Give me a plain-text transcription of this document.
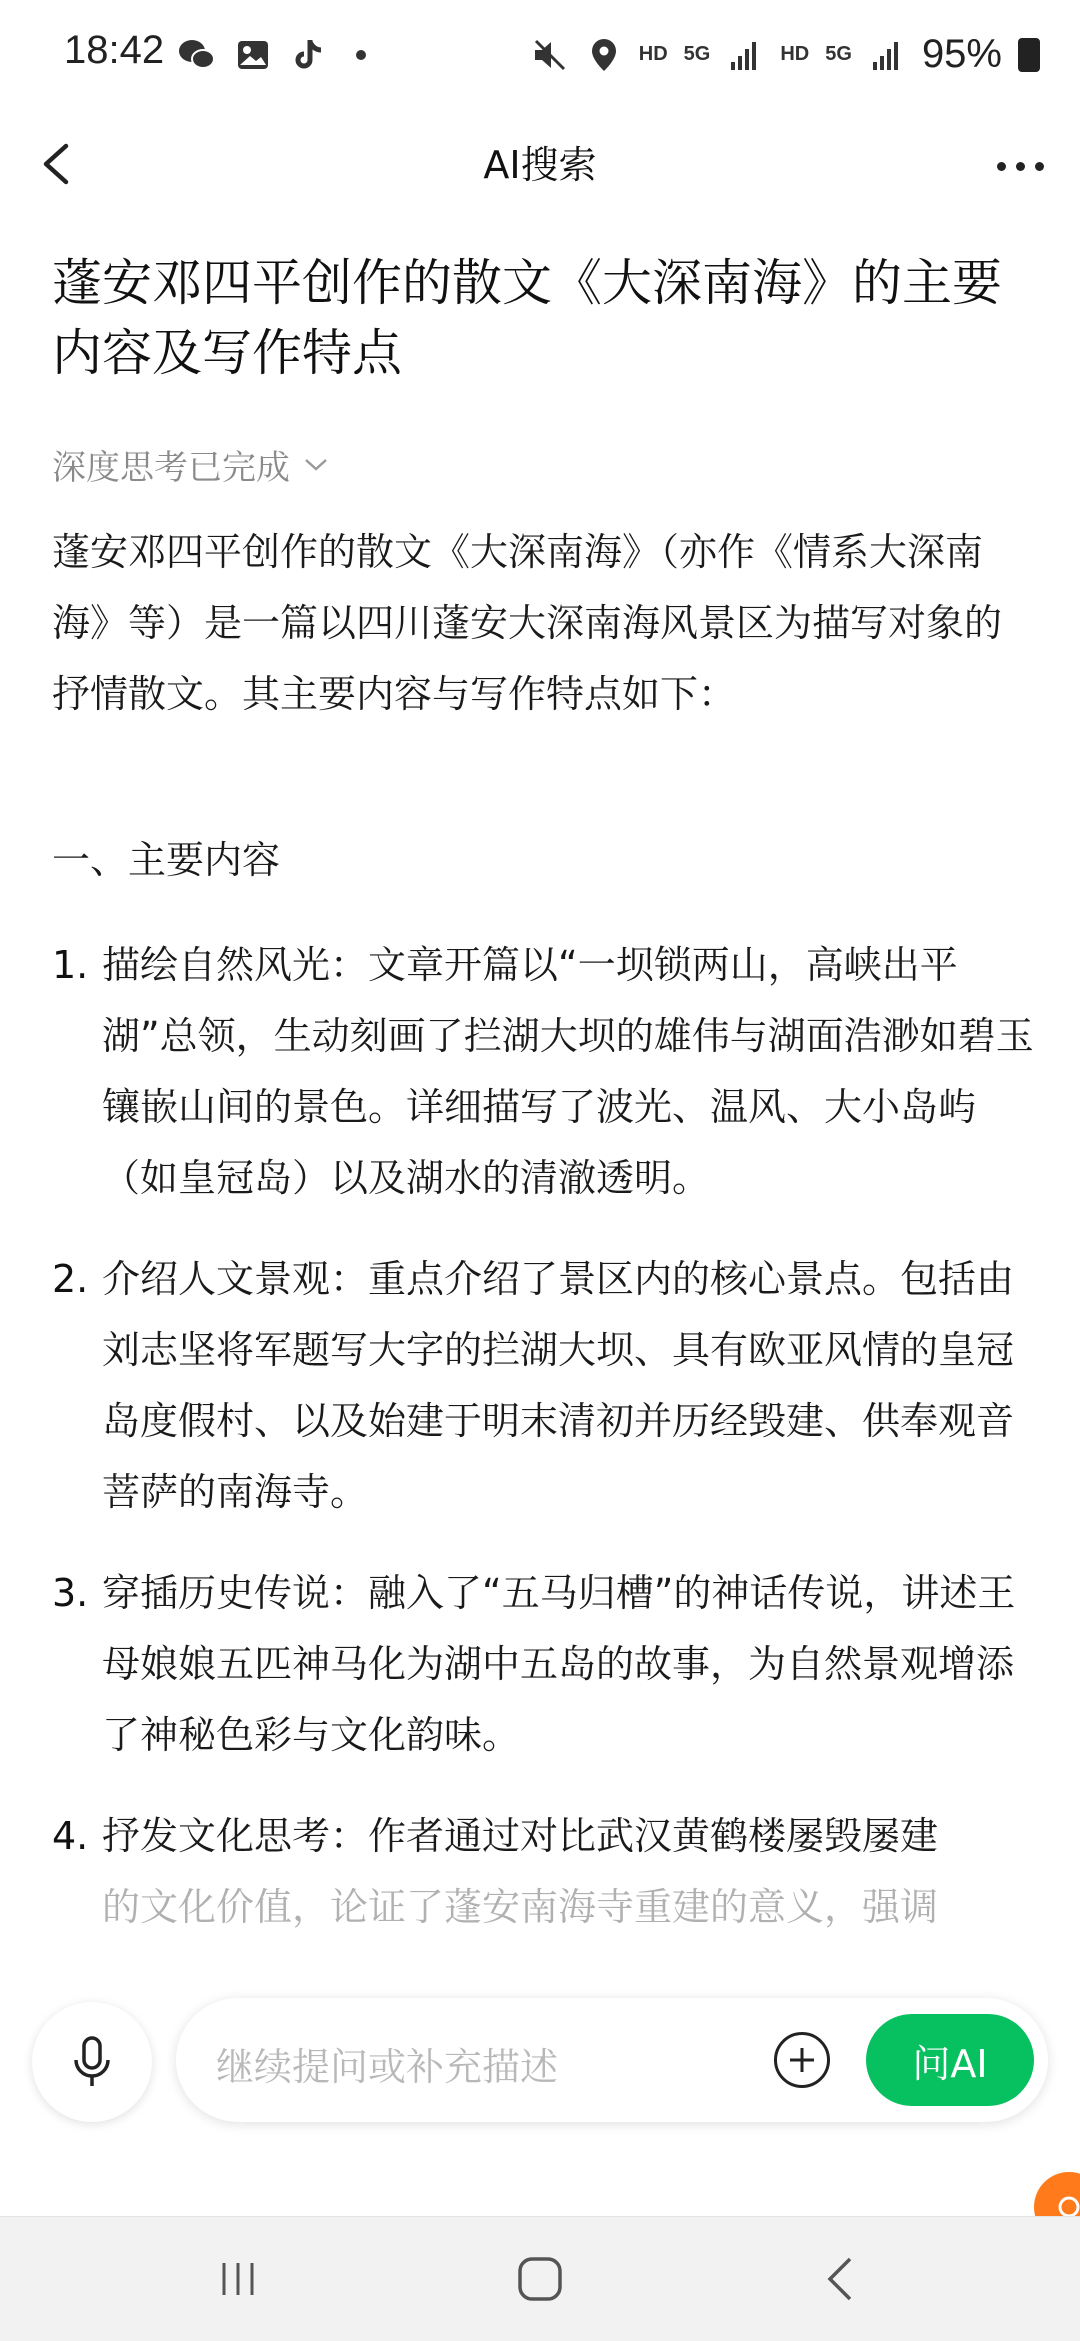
18:42	HD 5G	HD 5G 95%
AI搜索
蓬安邓四平创作的散文《大深南海》的主要内容及写作特点
深度思考已完成
蓬安邓四平创作的散文《大深南海》（亦作《情系大深南海》等）是一篇以四川蓬安大深南海风景区为描写对象的抒情散文。其主要内容与写作特点如下：
一、主要内容
1. 描绘自然风光：文章开篇以“一坝锁两山，高峡出平湖”总领，生动刻画了拦湖大坝的雄伟与湖面浩渺如碧玉镶嵌山间的景色。详细描写了波光、温风、大小岛屿（如皇冠岛）以及湖水的清澈透明。
2. 介绍人文景观：重点介绍了景区内的核心景点。包括由刘志坚将军题写大字的拦湖大坝、具有欧亚风情的皇冠岛度假村、以及始建于明末清初并历经毁建、供奉观音菩萨的南海寺。
3. 穿插历史传说：融入了“五马归槽”的神话传说，讲述王母娘娘五匹神马化为湖中五岛的故事，为自然景观增添了神秘色彩与文化韵味。
4. 抒发文化思考：作者通过对比武汉黄鹤楼屡毁屡建
的文化价值，论证了蓬安南海寺重建的意义，强调
继续提问或补充描述	问AI
